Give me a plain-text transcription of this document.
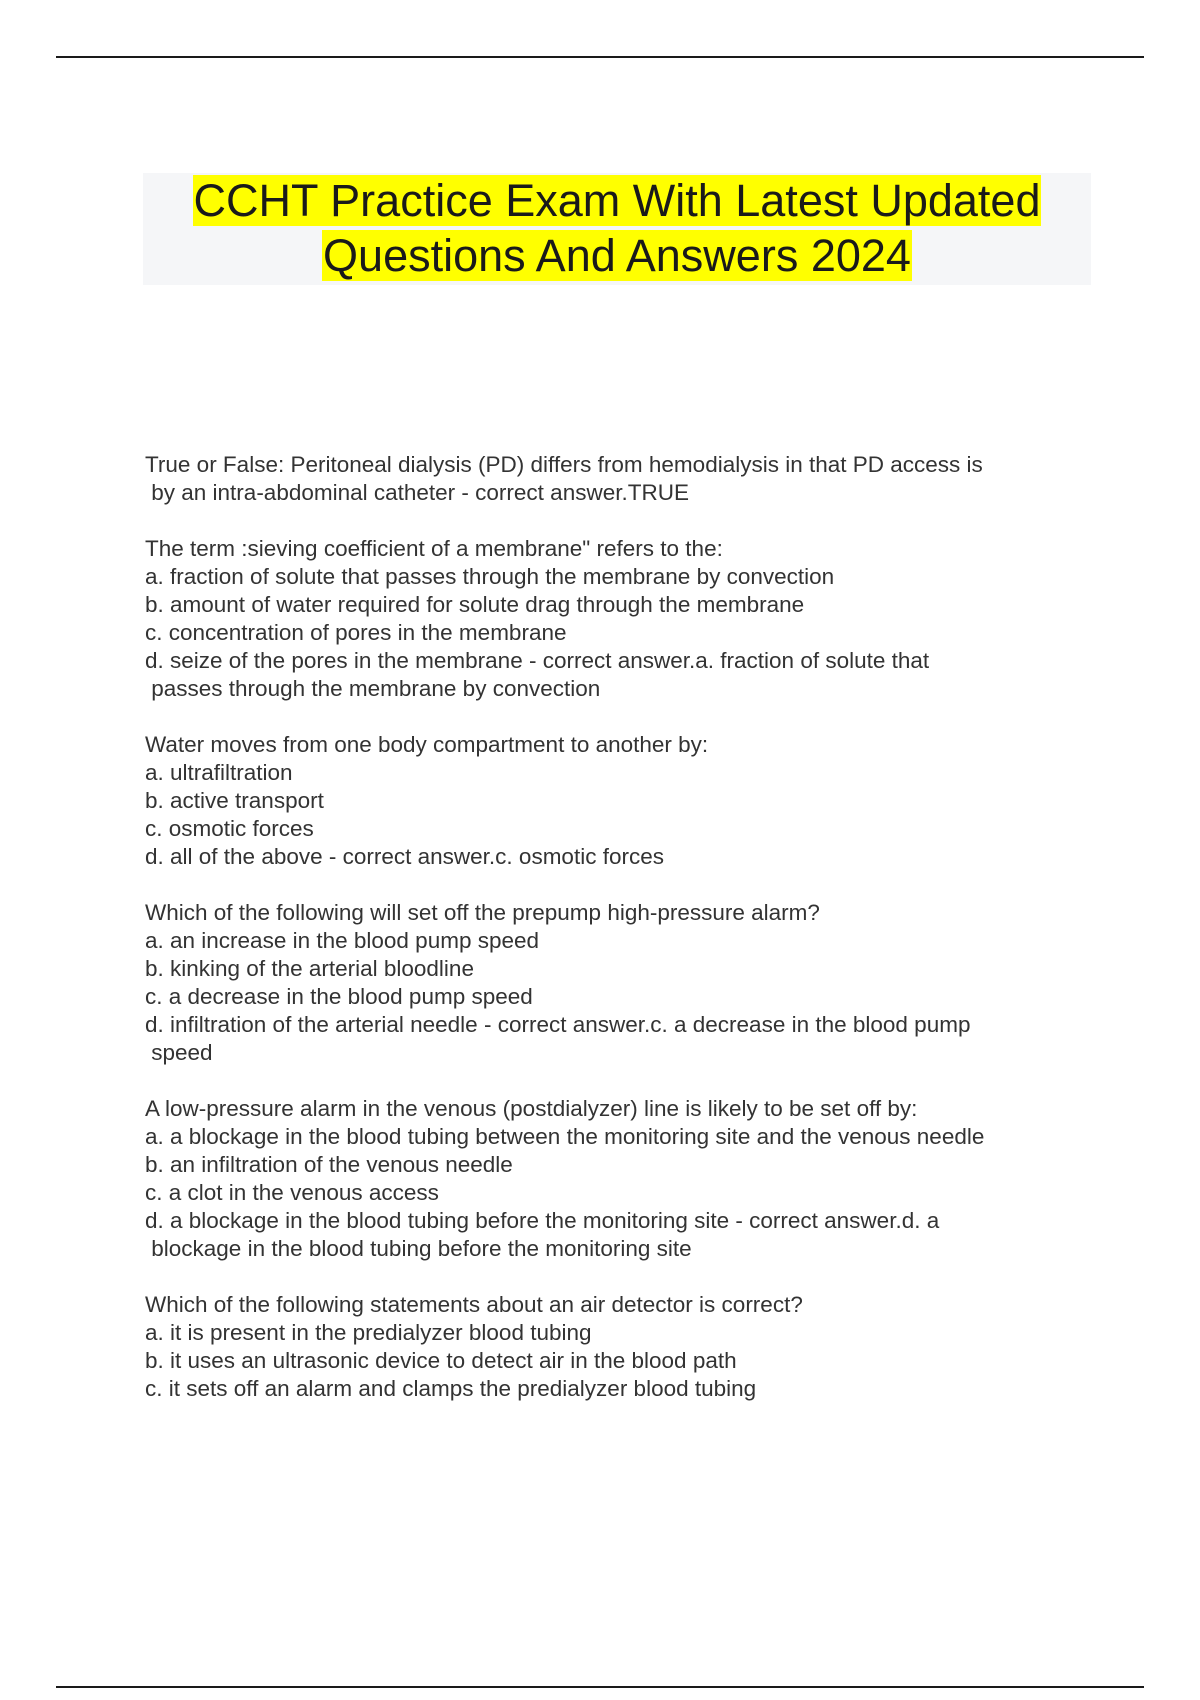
CCHT Practice Exam With Latest Updated
Questions And Answers 2024
True or False: Peritoneal dialysis (PD) differs from hemodialysis in that PD access is
by an intra-abdominal catheter - correct answer.TRUE
The term :sieving coefficient of a membrane" refers to the:
a. fraction of solute that passes through the membrane by convection
b. amount of water required for solute drag through the membrane
c. concentration of pores in the membrane
d. seize of the pores in the membrane - correct answer.a. fraction of solute that
passes through the membrane by convection
Water moves from one body compartment to another by:
a. ultrafiltration
b. active transport
c. osmotic forces
d. all of the above - correct answer.c. osmotic forces
Which of the following will set off the prepump high-pressure alarm?
a. an increase in the blood pump speed
b. kinking of the arterial bloodline
c. a decrease in the blood pump speed
d. infiltration of the arterial needle - correct answer.c. a decrease in the blood pump
speed
A low-pressure alarm in the venous (postdialyzer) line is likely to be set off by:
a. a blockage in the blood tubing between the monitoring site and the venous needle
b. an infiltration of the venous needle
c. a clot in the venous access
d. a blockage in the blood tubing before the monitoring site - correct answer.d. a
blockage in the blood tubing before the monitoring site
Which of the following statements about an air detector is correct?
a. it is present in the predialyzer blood tubing
b. it uses an ultrasonic device to detect air in the blood path
c. it sets off an alarm and clamps the predialyzer blood tubing
